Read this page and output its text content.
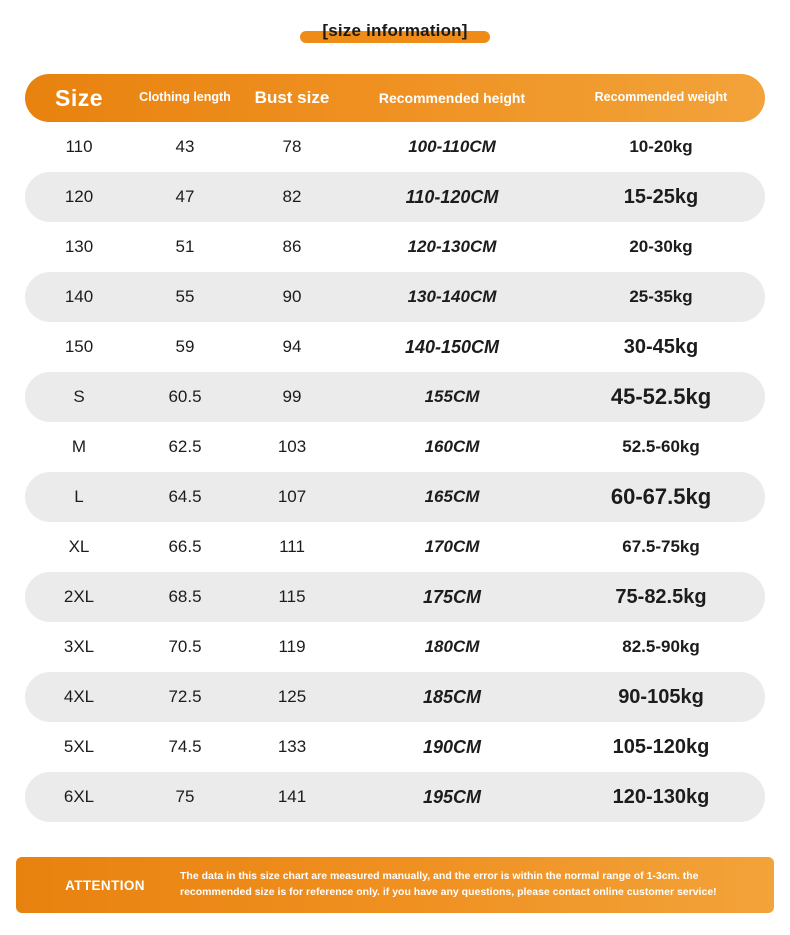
[size information]
Size	Clothing length	Bust size	Recommended height	Recommended weight
110	43	78	100-110CM	10-20kg
120	47	82	110-120CM	15-25kg
130	51	86	120-130CM	20-30kg
140	55	90	130-140CM	25-35kg
150	59	94	140-150CM	30-45kg
S	60.5	99	155CM	45-52.5kg
M	62.5	103	160CM	52.5-60kg
L	64.5	107	165CM	60-67.5kg
XL	66.5	111	170CM	67.5-75kg
2XL	68.5	115	175CM	75-82.5kg
3XL	70.5	119	180CM	82.5-90kg
4XL	72.5	125	185CM	90-105kg
5XL	74.5	133	190CM	105-120kg
6XL	75	141	195CM	120-130kg
ATTENTION
The data in this size chart are measured manually, and the error is within the normal range of 1-3cm. the recommended size is for reference only. if you have any questions, please contact online customer service!
